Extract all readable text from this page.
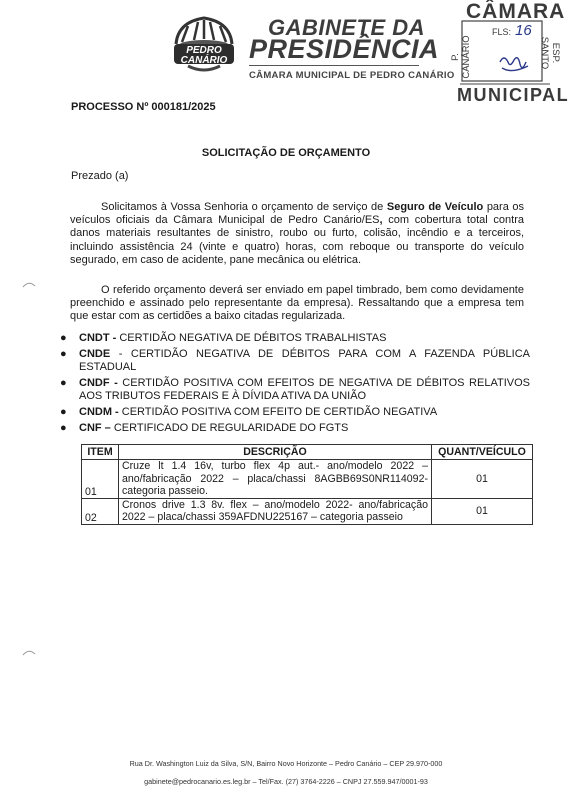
PEDRO
CANÁRIO
GABINETE DA
PRESIDÊNCIA
CÂMARA MUNICIPAL DE PEDRO CANÁRIO
CÂMARA
MUNICIPAL
P. CANÁRIO	ESP. SANTO
FLS: 16
PROCESSO Nº 000181/2025
SOLICITAÇÃO DE ORÇAMENTO
Prezado (a)

Solicitamos à Vossa Senhoria o orçamento de serviço de Seguro de Veículo para os veículos oficiais da Câmara Municipal de Pedro Canário/ES, com cobertura total contra danos materiais resultantes de sinistro, roubo ou furto, colisão, incêndio e a terceiros, incluindo assistência 24 (vinte e quatro) horas, com reboque ou transporte do veículo segurado, em caso de acidente, pane mecânica ou elétrica.

O referido orçamento deverá ser enviado em papel timbrado, bem como devidamente preenchido e assinado pelo representante da empresa). Ressaltando que a empresa tem que estar com as certidões a baixo citadas regularizada.

● CNDT - CERTIDÃO NEGATIVA DE DÉBITOS TRABALHISTAS
● CNDE - CERTIDÃO NEGATIVA DE DÉBITOS PARA COM A FAZENDA PÚBLICA ESTADUAL
● CNDF - CERTIDÃO POSITIVA COM EFEITOS DE NEGATIVA DE DÉBITOS RELATIVOS AOS TRIBUTOS FEDERAIS E À DÍVIDA ATIVA DA UNIÃO
● CNDM - CERTIDÃO POSITIVA COM EFEITO DE CERTIDÃO NEGATIVA
● CNF – CERTIFICADO DE REGULARIDADE DO FGTS
ITEM	DESCRIÇÃO	QUANT/VEÍCULO
01	Cruze lt 1.4 16v, turbo flex 4p aut.- ano/modelo 2022 – ano/fabricação 2022 – placa/chassi 8AGBB69S0NR114092- categoria passeio.	01
02	Cronos drive 1.3 8v. flex – ano/modelo 2022- ano/fabricação 2022 – placa/chassi 359AFDNU225167 – categoria passeio	01
Rua Dr. Washington Luiz da Silva, S/N, Bairro Novo Horizonte – Pedro Canário – CEP 29.970-000
gabinete@pedrocanario.es.leg.br – Tel/Fax. (27) 3764-2226 – CNPJ 27.559.947/0001-93
